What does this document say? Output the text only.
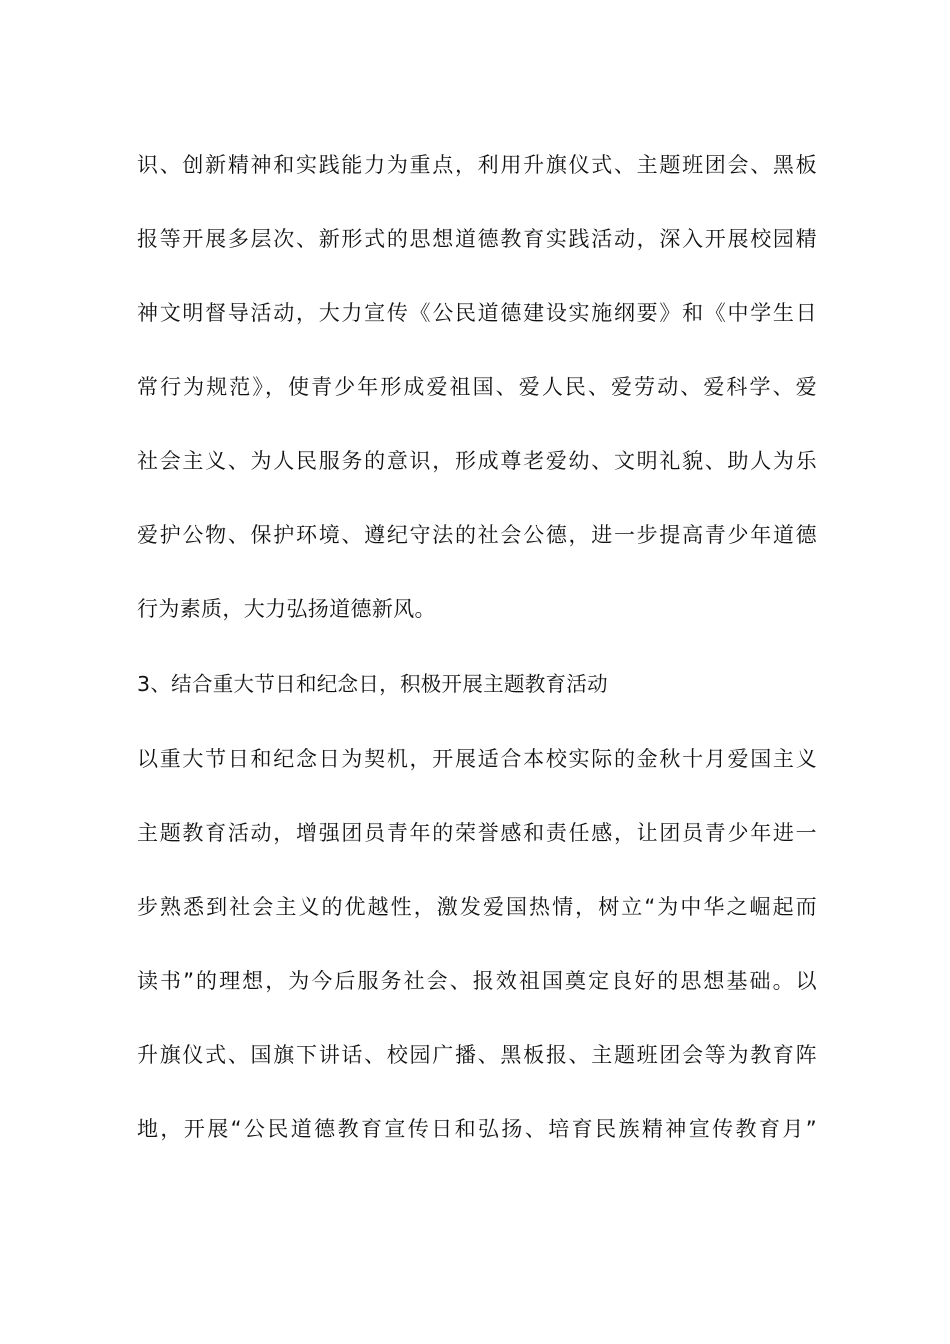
识、创新精神和实践能力为重点，利用升旗仪式、主题班团会、黑板
报等开展多层次、新形式的思想道德教育实践活动，深入开展校园精
神文明督导活动，大力宣传《公民道德建设实施纲要》和《中学生日
常行为规范》，使青少年形成爱祖国、爱人民、爱劳动、爱科学、爱
社会主义、为人民服务的意识，形成尊老爱幼、文明礼貌、助人为乐
爱护公物、保护环境、遵纪守法的社会公德，进一步提高青少年道德
行为素质，大力弘扬道德新风。
3、结合重大节日和纪念日，积极开展主题教育活动
以重大节日和纪念日为契机，开展适合本校实际的金秋十月爱国主义
主题教育活动，增强团员青年的荣誉感和责任感，让团员青少年进一
步熟悉到社会主义的优越性，激发爱国热情，树立“为中华之崛起而
读书”的理想，为今后服务社会、报效祖国奠定良好的思想基础。以
升旗仪式、国旗下讲话、校园广播、黑板报、主题班团会等为教育阵
地，开展“公民道德教育宣传日和弘扬、培育民族精神宣传教育月”
